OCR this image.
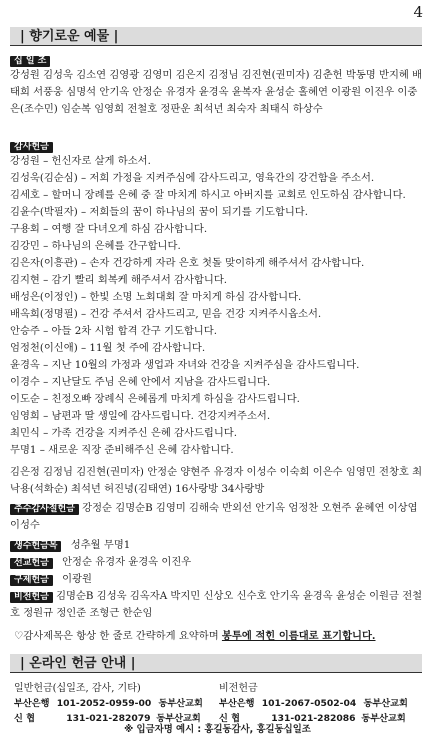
4
| 향기로운 예물 |
십 일 조
강성원 김성욱 김소연 김영광 김영미 김은지 김정님 김진현(권미자) 김춘헌 박동명 반지혜 배태희 서풍웅 심명석 안기옥 안정순 유경자 윤경옥 윤복자 윤성순 홀혜연 이광원 이진우 이중은(조수민) 임순복 임영희 전철호 정판운 최석년 최숙자 최태식 하상수
감사헌금
강성원 – 헌신자로 살게 하소서.
김성욱(김순심) – 저희 가정을 지켜주심에 감사드리고, 영육간의 강건함을 주소서.
김세호 – 할머니 장례를 은혜 중 잘 마치게 하시고 아버지를 교회로 인도하심 감사합니다.
김윤수(박필자) – 저희들의 꿈이 하나님의 꿈이 되기를 기도합니다.
구용회 – 여행 잘 다녀오게 하심 감사합니다.
김강민 – 하나님의 은혜를 간구합니다.
김은자(이흥관) – 손자 건강하게 자라 은호 첫돌 맞이하게 해주셔서 감사합니다.
김지현 – 감기 빨리 회복케 해주셔서 감사합니다.
배성은(이정인) – 한빛 소명 노회대회 잘 마치게 하심 감사합니다.
배옥희(정명필) – 건강 주셔서 감사드리고, 믿음 건강 지켜주시옵소서.
안승주 – 아들 2차 시험 합격 간구 기도합니다.
엄정천(이신애) – 11월 첫 주에 감사합니다.
윤경옥 – 지난 10월의 가정과 생업과 자녀와 건강을 지켜주심을 감사드립니다.
이경수 – 지난달도 주님 은혜 안에서 지남을 감사드립니다.
이도순 – 친정오빠 장례식 은혜롭게 마치게 하심을 감사드립니다.
임영희 – 남편과 딸 생일에 감사드립니다. 건강지켜주소서.
최민식 – 가족 건강을 지켜주신 은혜 감사드립니다.
무명1 – 새로운 직장 준비해주신 은혜 감사합니다.
김은정 김정님 김진현(권미자) 안정순 양현주 유경자 이성수 이숙희 이은수 임영민 전창호 최낙용(석화순) 최석년 허진녕(김태연) 16사랑방 34사랑방
추수감사절헌금 강정순 김명순B 김영미 김해숙 반외선 안기옥 엄정찬 오현주 윤혜연 이상엽 이성수
생수헌금목 성추월 무명1
선교헌금 안정순 유경자 윤경옥 이진우
구제헌금 이광원
비전헌금 김명순B 김성욱 김옥자A 박지민 신상오 신수호 안기옥 윤경옥 윤성순 이원금 전철호 정원규 정인준 조형근 한순임
♡감사제목은 항상 한 줄로 간략하게 요약하며 봉투에 적힌 이름대로 표기합니다.
| 온라인 헌금 안내 |
일반헌금(십일조, 감사, 기타)
부산은행 101-2052-0959-00 동부산교회
신 협	131-021-282079 동부산교회
비전헌금
부산은행 101-2067-0502-04 동부산교회
신 협	131-021-282086 동부산교회
※ 입금자명 예시 : 홍길동감사, 홍길동십일조
